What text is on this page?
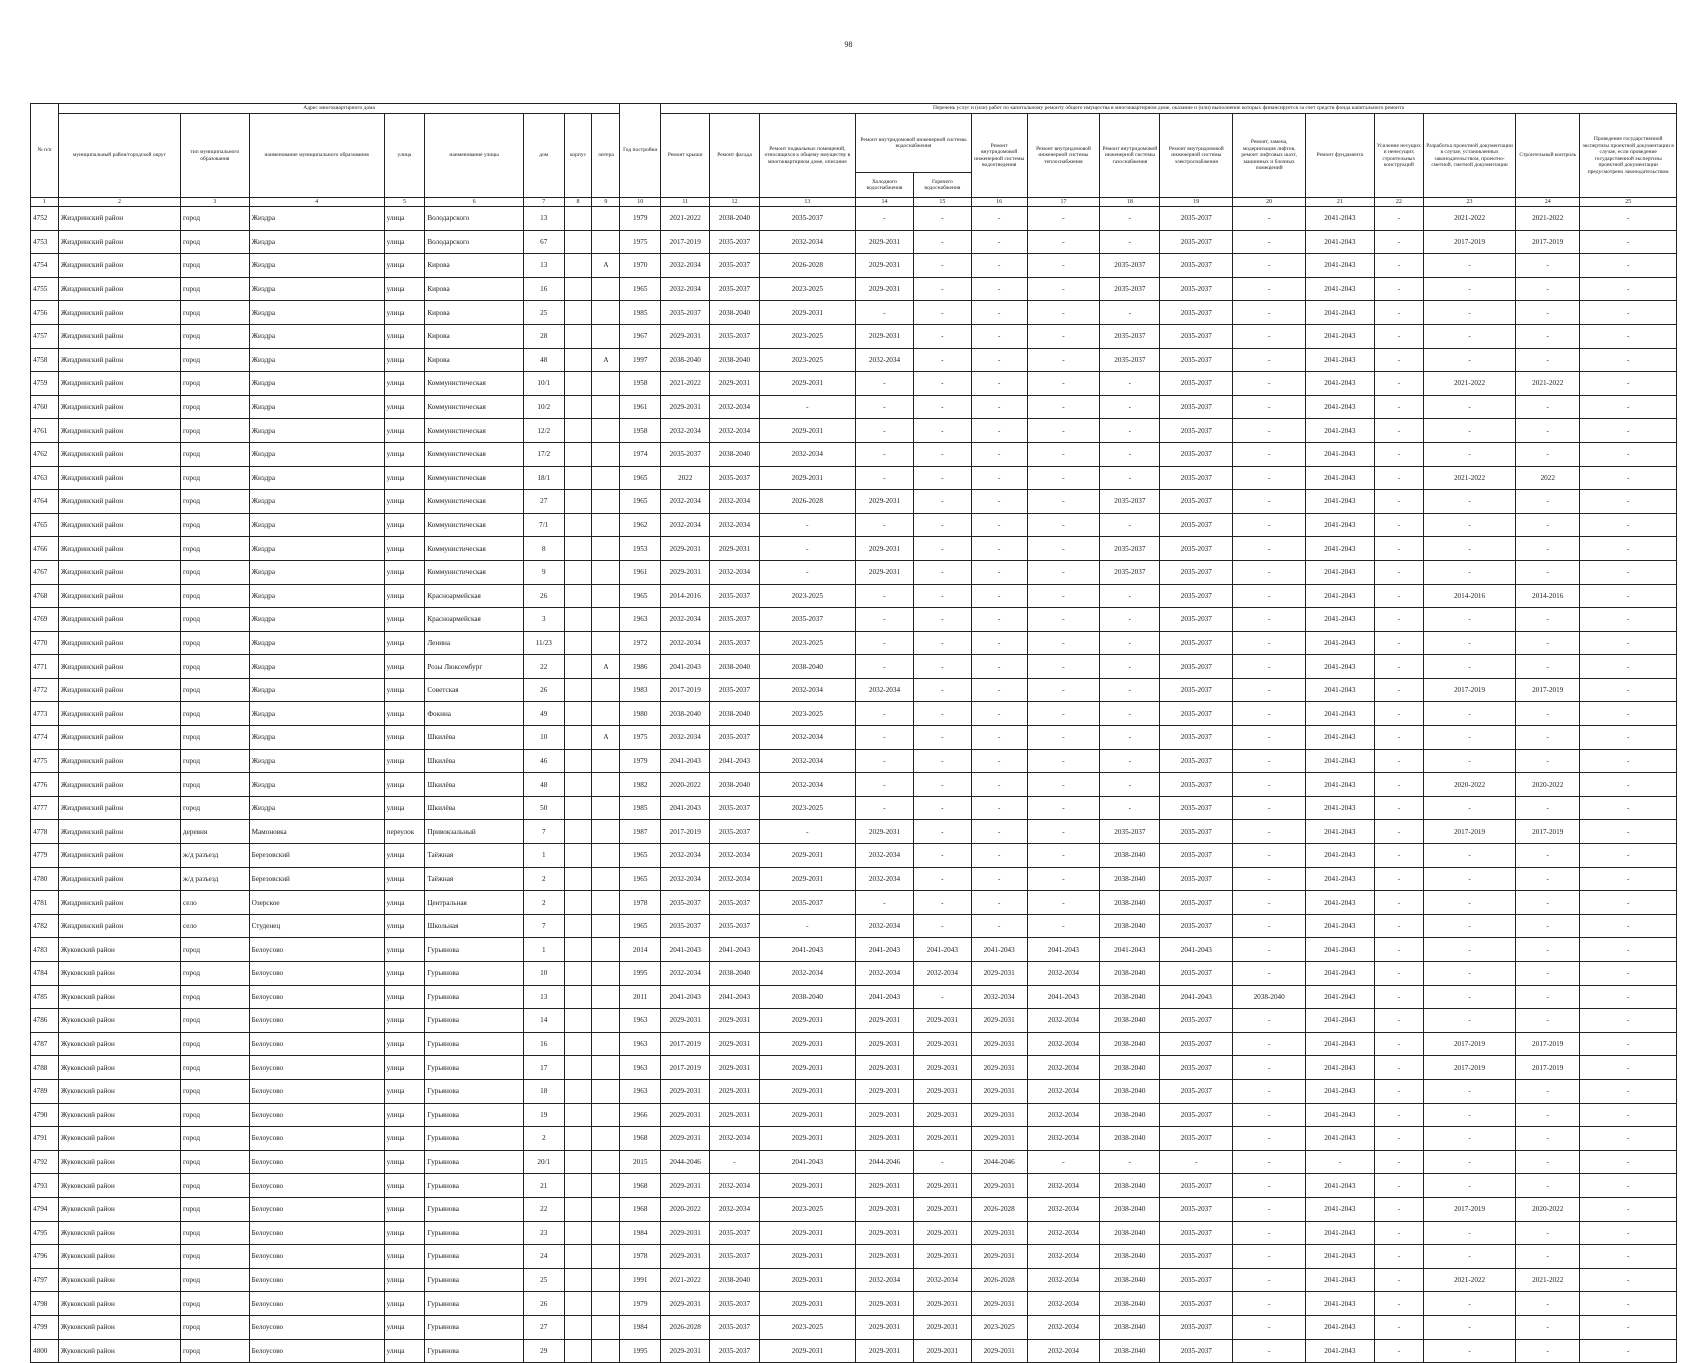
98
№ п/п	Адрес многоквартирного дома								Год постройки	Перечень услуг и (или) работ по капитальному ремонту общего имущества в многоквартирном доме, оказание и (или) выполнение которых финансируется за счет средств фонда капитального ремонта														
	муниципальный район/городской округ	тип муниципального образования	наименование муниципального образования	улица	наименование улицы	дом	корпус	литера		Ремонт крыши	Ремонт фасада	Ремонт подвальных помещений, относящихся к общему имуществу в многоквартирном доме, описание	Ремонт внутридомовой инженерной системы водоснабжения		Ремонт внутридомовой инженерной системы водоотведения	Ремонт внутридомовой инженерной системы теплоснабжения	Ремонт внутридомовой инженерной системы газоснабжения	Ремонт внутридомовой инженерной системы электроснабжения	Ремонт, замена, модернизация лифтов, ремонт лифтовых шахт, машинных и блочных помещений	Ремонт фундамента	Усиление несущих и ненесущих строительных конструкций	Разработка проектной документации в случае, установленных законодательством, проектно-сметной, сметной документации	Строительный контроль	Проведение государственной экспертизы проектной документации в случае, если проведение государственной экспертизы проектной документации предусмотрено законодательством
													Холодного водоснабжения	Горячего водоснабжения										
1	2	3	4	5	6	7	8	9	10	11	12	13	14	15	16	17	18	19	20	21	22	23	24	25
4752	Жиздринский район	город	Жиздра	улица	Володарского	13			1979	2021-2022	2038-2040	2035-2037	-	-	-	-	-	2035-2037	-	2041-2043	-	2021-2022	2021-2022	-
4753	Жиздринский район	город	Жиздра	улица	Володарского	67			1975	2017-2019	2035-2037	2032-2034	2029-2031	-	-	-	-	2035-2037	-	2041-2043	-	2017-2019	2017-2019	-
4754	Жиздринский район	город	Жиздра	улица	Кирова	13		А	1970	2032-2034	2035-2037	2026-2028	2029-2031	-	-	-	2035-2037	2035-2037	-	2041-2043	-	-	-	-
4755	Жиздринский район	город	Жиздра	улица	Кирова	16			1965	2032-2034	2035-2037	2023-2025	2029-2031	-	-	-	2035-2037	2035-2037	-	2041-2043	-	-	-	-
4756	Жиздринский район	город	Жиздра	улица	Кирова	25			1985	2035-2037	2038-2040	2029-2031	-	-	-	-	-	2035-2037	-	2041-2043	-	-	-	-
4757	Жиздринский район	город	Жиздра	улица	Кирова	28			1967	2029-2031	2035-2037	2023-2025	2029-2031	-	-	-	2035-2037	2035-2037	-	2041-2043	-	-	-	-
4758	Жиздринский район	город	Жиздра	улица	Кирова	48		А	1997	2038-2040	2038-2040	2023-2025	2032-2034	-	-	-	2035-2037	2035-2037	-	2041-2043	-	-	-	-
4759	Жиздринский район	город	Жиздра	улица	Коммунистическая	10/1			1958	2021-2022	2029-2031	2029-2031	-	-	-	-	-	2035-2037	-	2041-2043	-	2021-2022	2021-2022	-
4760	Жиздринский район	город	Жиздра	улица	Коммунистическая	10/2			1961	2029-2031	2032-2034	-	-	-	-	-	-	2035-2037	-	2041-2043	-	-	-	-
4761	Жиздринский район	город	Жиздра	улица	Коммунистическая	12/2			1958	2032-2034	2032-2034	2029-2031	-	-	-	-	-	2035-2037	-	2041-2043	-	-	-	-
4762	Жиздринский район	город	Жиздра	улица	Коммунистическая	17/2			1974	2035-2037	2038-2040	2032-2034	-	-	-	-	-	2035-2037	-	2041-2043	-	-	-	-
4763	Жиздринский район	город	Жиздра	улица	Коммунистическая	18/1			1965	2022	2035-2037	2029-2031	-	-	-	-	-	2035-2037	-	2041-2043	-	2021-2022	2022	-
4764	Жиздринский район	город	Жиздра	улица	Коммунистическая	27			1965	2032-2034	2032-2034	2026-2028	2029-2031	-	-	-	2035-2037	2035-2037	-	2041-2043	-	-	-	-
4765	Жиздринский район	город	Жиздра	улица	Коммунистическая	7/1			1962	2032-2034	2032-2034	-	-	-	-	-	-	2035-2037	-	2041-2043	-	-	-	-
4766	Жиздринский район	город	Жиздра	улица	Коммунистическая	8			1953	2029-2031	2029-2031	-	2029-2031	-	-	-	2035-2037	2035-2037	-	2041-2043	-	-	-	-
4767	Жиздринский район	город	Жиздра	улица	Коммунистическая	9			1961	2029-2031	2032-2034	-	2029-2031	-	-	-	2035-2037	2035-2037	-	2041-2043	-	-	-	-
4768	Жиздринский район	город	Жиздра	улица	Красноармейская	26			1965	2014-2016	2035-2037	2023-2025	-	-	-	-	-	2035-2037	-	2041-2043	-	2014-2016	2014-2016	-
4769	Жиздринский район	город	Жиздра	улица	Красноармейская	3			1963	2032-2034	2035-2037	2035-2037	-	-	-	-	-	2035-2037	-	2041-2043	-	-	-	-
4770	Жиздринский район	город	Жиздра	улица	Ленина	11/23			1972	2032-2034	2035-2037	2023-2025	-	-	-	-	-	2035-2037	-	2041-2043	-	-	-	-
4771	Жиздринский район	город	Жиздра	улица	Розы Люксембург	22		А	1986	2041-2043	2038-2040	2038-2040	-	-	-	-	-	2035-2037	-	2041-2043	-	-	-	-
4772	Жиздринский район	город	Жиздра	улица	Советская	26			1983	2017-2019	2035-2037	2032-2034	2032-2034	-	-	-	-	2035-2037	-	2041-2043	-	2017-2019	2017-2019	-
4773	Жиздринский район	город	Жиздра	улица	Фокина	49			1980	2038-2040	2038-2040	2023-2025	-	-	-	-	-	2035-2037	-	2041-2043	-	-	-	-
4774	Жиздринский район	город	Жиздра	улица	Шкилёва	10		А	1975	2032-2034	2035-2037	2032-2034	-	-	-	-	-	2035-2037	-	2041-2043	-	-	-	-
4775	Жиздринский район	город	Жиздра	улица	Шкилёва	46			1979	2041-2043	2041-2043	2032-2034	-	-	-	-	-	2035-2037	-	2041-2043	-	-	-	-
4776	Жиздринский район	город	Жиздра	улица	Шкилёва	48			1982	2020-2022	2038-2040	2032-2034	-	-	-	-	-	2035-2037	-	2041-2043	-	2020-2022	2020-2022	-
4777	Жиздринский район	город	Жиздра	улица	Шкилёва	50			1985	2041-2043	2035-2037	2023-2025	-	-	-	-	-	2035-2037	-	2041-2043	-	-	-	-
4778	Жиздринский район	деревня	Мамоновка	переулок	Привокзальный	7			1987	2017-2019	2035-2037	-	2029-2031	-	-	-	2035-2037	2035-2037	-	2041-2043	-	2017-2019	2017-2019	-
4779	Жиздринский район	ж/д разъезд	Березовский	улица	Таёжная	1			1965	2032-2034	2032-2034	2029-2031	2032-2034	-	-	-	2038-2040	2035-2037	-	2041-2043	-	-	-	-
4780	Жиздринский район	ж/д разъезд	Березовский	улица	Таёжная	2			1965	2032-2034	2032-2034	2029-2031	2032-2034	-	-	-	2038-2040	2035-2037	-	2041-2043	-	-	-	-
4781	Жиздринский район	село	Озерское	улица	Центральная	2			1978	2035-2037	2035-2037	2035-2037	-	-	-	-	2038-2040	2035-2037	-	2041-2043	-	-	-	-
4782	Жиздринский район	село	Студенец	улица	Школьная	7			1965	2035-2037	2035-2037	-	2032-2034	-	-	-	2038-2040	2035-2037	-	2041-2043	-	-	-	-
4783	Жуковский район	город	Белоусово	улица	Гурьянова	1			2014	2041-2043	2041-2043	2041-2043	2041-2043	2041-2043	2041-2043	2041-2043	2041-2043	2041-2043	-	2041-2043	-	-	-	-
4784	Жуковский район	город	Белоусово	улица	Гурьянова	10			1995	2032-2034	2038-2040	2032-2034	2032-2034	2032-2034	2029-2031	2032-2034	2038-2040	2035-2037	-	2041-2043	-	-	-	-
4785	Жуковский район	город	Белоусово	улица	Гурьянова	13			2011	2041-2043	2041-2043	2038-2040	2041-2043	-	2032-2034	2041-2043	2038-2040	2041-2043	2038-2040	2041-2043	-	-	-	-
4786	Жуковский район	город	Белоусово	улица	Гурьянова	14			1963	2029-2031	2029-2031	2029-2031	2029-2031	2029-2031	2029-2031	2032-2034	2038-2040	2035-2037	-	2041-2043	-	-	-	-
4787	Жуковский район	город	Белоусово	улица	Гурьянова	16			1963	2017-2019	2029-2031	2029-2031	2029-2031	2029-2031	2029-2031	2032-2034	2038-2040	2035-2037	-	2041-2043	-	2017-2019	2017-2019	-
4788	Жуковский район	город	Белоусово	улица	Гурьянова	17			1963	2017-2019	2029-2031	2029-2031	2029-2031	2029-2031	2029-2031	2032-2034	2038-2040	2035-2037	-	2041-2043	-	2017-2019	2017-2019	-
4789	Жуковский район	город	Белоусово	улица	Гурьянова	18			1963	2029-2031	2029-2031	2029-2031	2029-2031	2029-2031	2029-2031	2032-2034	2038-2040	2035-2037	-	2041-2043	-	-	-	-
4790	Жуковский район	город	Белоусово	улица	Гурьянова	19			1966	2029-2031	2029-2031	2029-2031	2029-2031	2029-2031	2029-2031	2032-2034	2038-2040	2035-2037	-	2041-2043	-	-	-	-
4791	Жуковский район	город	Белоусово	улица	Гурьянова	2			1968	2029-2031	2032-2034	2029-2031	2029-2031	2029-2031	2029-2031	2032-2034	2038-2040	2035-2037	-	2041-2043	-	-	-	-
4792	Жуковский район	город	Белоусово	улица	Гурьянова	20/1			2015	2044-2046	-	2041-2043	2044-2046	-	2044-2046	-	-	-	-	-	-	-	-	-
4793	Жуковский район	город	Белоусово	улица	Гурьянова	21			1968	2029-2031	2032-2034	2029-2031	2029-2031	2029-2031	2029-2031	2032-2034	2038-2040	2035-2037	-	2041-2043	-	-	-	-
4794	Жуковский район	город	Белоусово	улица	Гурьянова	22			1968	2020-2022	2032-2034	2023-2025	2029-2031	2029-2031	2026-2028	2032-2034	2038-2040	2035-2037	-	2041-2043	-	2017-2019	2020-2022	-
4795	Жуковский район	город	Белоусово	улица	Гурьянова	23			1984	2029-2031	2035-2037	2029-2031	2029-2031	2029-2031	2029-2031	2032-2034	2038-2040	2035-2037	-	2041-2043	-	-	-	-
4796	Жуковский район	город	Белоусово	улица	Гурьянова	24			1978	2029-2031	2035-2037	2029-2031	2029-2031	2029-2031	2029-2031	2032-2034	2038-2040	2035-2037	-	2041-2043	-	-	-	-
4797	Жуковский район	город	Белоусово	улица	Гурьянова	25			1991	2021-2022	2038-2040	2029-2031	2032-2034	2032-2034	2026-2028	2032-2034	2038-2040	2035-2037	-	2041-2043	-	2021-2022	2021-2022	-
4798	Жуковский район	город	Белоусово	улица	Гурьянова	26			1979	2029-2031	2035-2037	2029-2031	2029-2031	2029-2031	2029-2031	2032-2034	2038-2040	2035-2037	-	2041-2043	-	-	-	-
4799	Жуковский район	город	Белоусово	улица	Гурьянова	27			1984	2026-2028	2035-2037	2023-2025	2029-2031	2029-2031	2023-2025	2032-2034	2038-2040	2035-2037	-	2041-2043	-	-	-	-
4800	Жуковский район	город	Белоусово	улица	Гурьянова	29			1995	2029-2031	2035-2037	2029-2031	2029-2031	2029-2031	2029-2031	2032-2034	2038-2040	2035-2037	-	2041-2043	-	-	-	-
